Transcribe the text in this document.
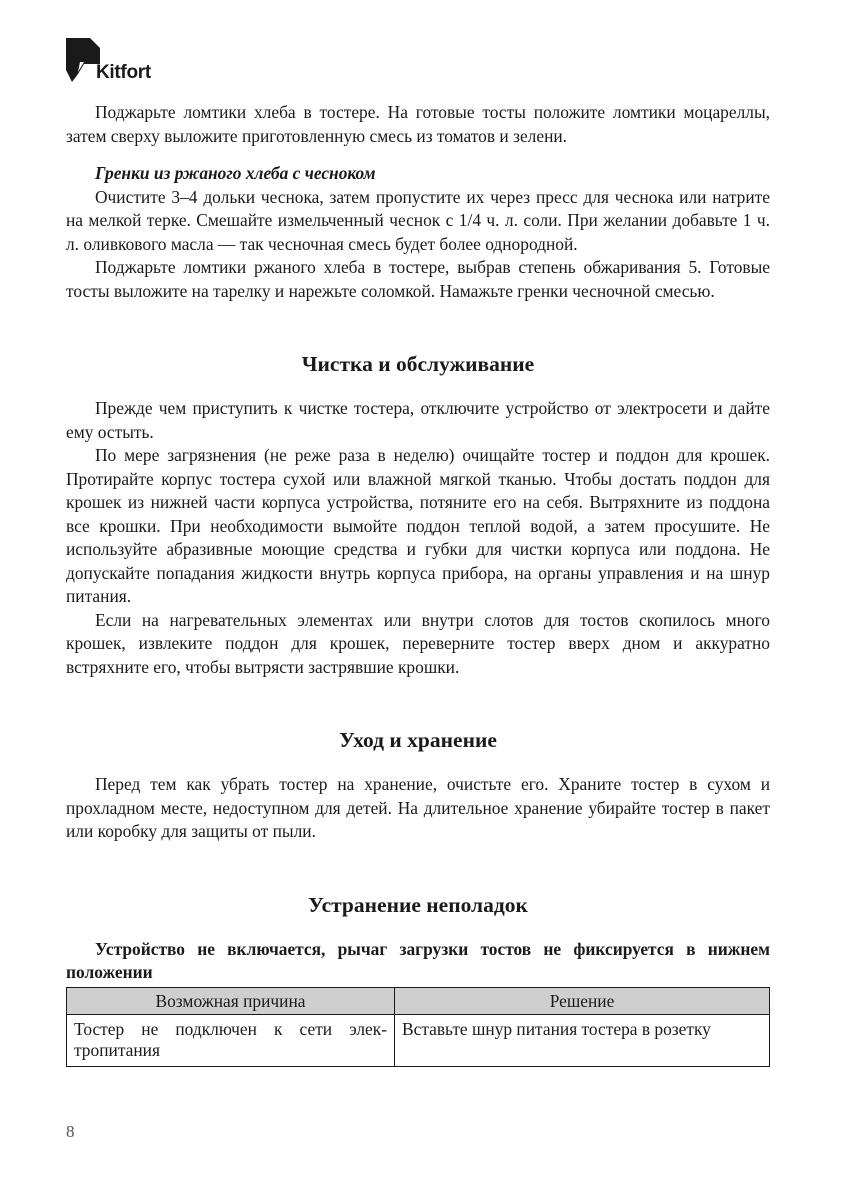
Kitfort

Поджарьте ломтики хлеба в тостере. На готовые тосты положите ломтики моцареллы, затем сверху выложите приготовленную смесь из томатов и зелени.

Гренки из ржаного хлеба с чесноком

Очистите 3–4 дольки чеснока, затем пропустите их через пресс для чеснока или натрите на мелкой терке. Смешайте измельченный чеснок с 1/4 ч. л. соли. При желании добавьте 1 ч. л. оливкового масла — так чесночная смесь будет более однородной.

Поджарьте ломтики ржаного хлеба в тостере, выбрав степень обжаривания 5. Готовые тосты выложите на тарелку и нарежьте соломкой. Намажьте гренки чесночной смесью.

Чистка и обслуживание

Прежде чем приступить к чистке тостера, отключите устройство от электросети и дайте ему остыть.

По мере загрязнения (не реже раза в неделю) очищайте тостер и поддон для крошек. Протирайте корпус тостера сухой или влажной мягкой тканью. Чтобы достать поддон для крошек из нижней части корпуса устройства, потяните его на себя. Вытряхните из поддона все крошки. При необходимости вымойте поддон теплой водой, а затем просушите. Не используйте абразивные моющие средства и губки для чистки корпуса или поддона. Не допускайте попадания жидкости внутрь корпуса прибора, на органы управления и на шнур питания.

Если на нагревательных элементах или внутри слотов для тостов скопилось много крошек, извлеките поддон для крошек, переверните тостер вверх дном и аккуратно встряхните его, чтобы вытрясти застрявшие крошки.

Уход и хранение

Перед тем как убрать тостер на хранение, очистьте его. Храните тостер в сухом и прохладном месте, недоступном для детей. На длительное хранение убирайте тостер в пакет или коробку для защиты от пыли.

Устранение неполадок

Устройство не включается, рычаг загрузки тостов не фиксируется в нижнем положении

Возможная причина	Решение
Тостер не подключен к сети электропитания	Вставьте шнур питания тостера в розетку
8
